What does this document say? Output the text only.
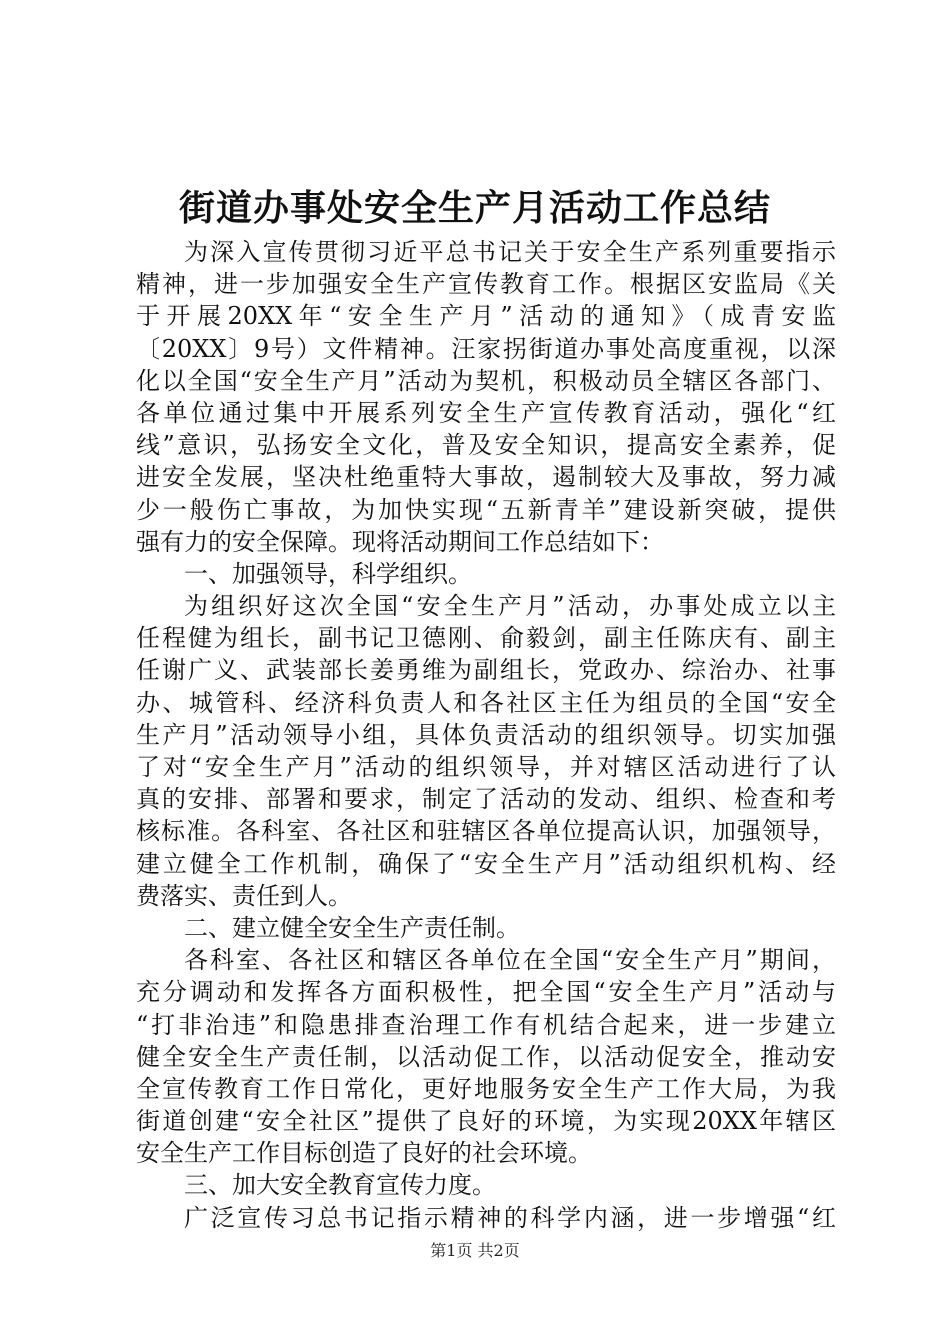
街道办事处安全生产月活动工作总结
为深入宣传贯彻习近平总书记关于安全生产系列重要指示
精神，进一步加强安全生产宣传教育工作。根据区安监局《关
于开展20XX年“安全生产月”活动的通知》（成青安监
〔20XX〕9号）文件精神。汪家拐街道办事处高度重视，以深
化以全国“安全生产月”活动为契机，积极动员全辖区各部门、
各单位通过集中开展系列安全生产宣传教育活动，强化“红
线”意识，弘扬安全文化，普及安全知识，提高安全素养，促
进安全发展，坚决杜绝重特大事故，遏制较大及事故，努力减
少一般伤亡事故，为加快实现“五新青羊”建设新突破，提供
强有力的安全保障。现将活动期间工作总结如下：
一、加强领导，科学组织。
为组织好这次全国“安全生产月”活动，办事处成立以主
任程健为组长，副书记卫德刚、俞毅剑，副主任陈庆有、副主
任谢广义、武装部长姜勇维为副组长，党政办、综治办、社事
办、城管科、经济科负责人和各社区主任为组员的全国“安全
生产月”活动领导小组，具体负责活动的组织领导。切实加强
了对“安全生产月”活动的组织领导，并对辖区活动进行了认
真的安排、部署和要求，制定了活动的发动、组织、检查和考
核标准。各科室、各社区和驻辖区各单位提高认识，加强领导，
建立健全工作机制，确保了“安全生产月”活动组织机构、经
费落实、责任到人。
二、建立健全安全生产责任制。
各科室、各社区和辖区各单位在全国“安全生产月”期间，
充分调动和发挥各方面积极性，把全国“安全生产月”活动与
“打非治违”和隐患排查治理工作有机结合起来，进一步建立
健全安全生产责任制，以活动促工作，以活动促安全，推动安
全宣传教育工作日常化，更好地服务安全生产工作大局，为我
街道创建“安全社区”提供了良好的环境，为实现20XX年辖区
安全生产工作目标创造了良好的社会环境。
三、加大安全教育宣传力度。
广泛宣传习总书记指示精神的科学内涵，进一步增强“红
第1页 共2页
